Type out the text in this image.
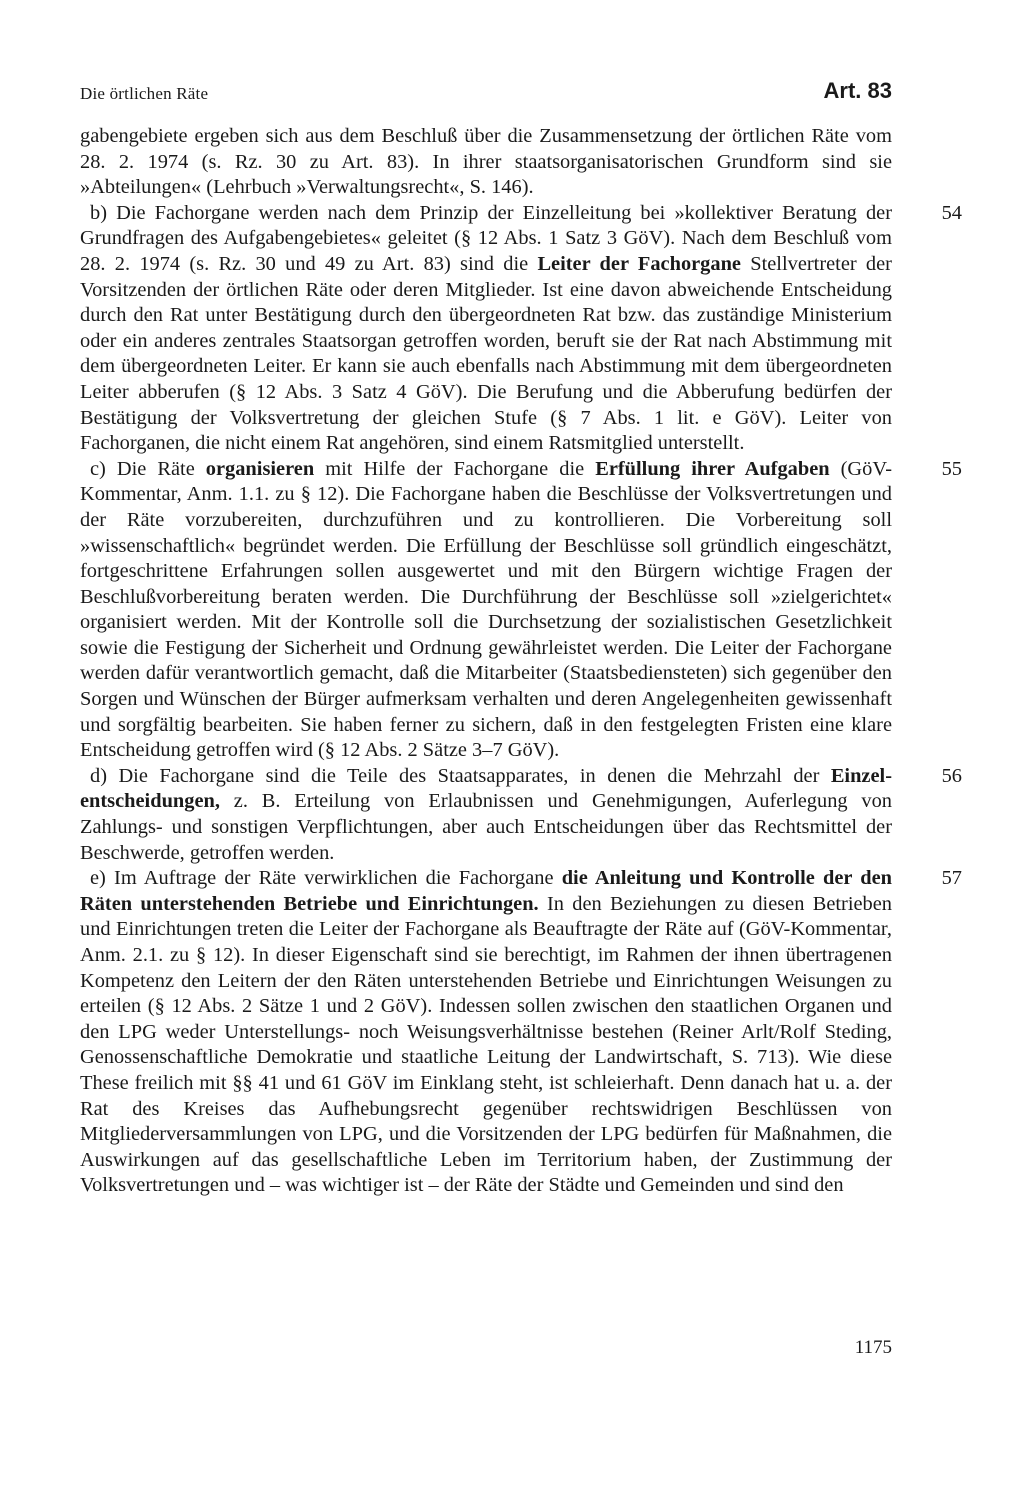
Die örtlichen Räte	Art. 83

gabengebiete ergeben sich aus dem Beschluß über die Zusammensetzung der örtlichen Räte vom 28. 2. 1974 (s. Rz. 30 zu Art. 83). In ihrer staatsorganisatorischen Grundform sind sie »Abteilungen« (Lehrbuch »Verwaltungsrecht«, S. 146).

b) Die Fachorgane werden nach dem Prinzip der Einzelleitung bei »kollektiver Beratung der Grundfragen des Aufgabengebietes« geleitet (§ 12 Abs. 1 Satz 3 GöV). Nach dem Beschluß vom 28. 2. 1974 (s. Rz. 30 und 49 zu Art. 83) sind die Leiter der Fachorgane Stellvertreter der Vorsitzenden der örtlichen Räte oder deren Mitglieder. Ist eine davon abweichende Entscheidung durch den Rat unter Bestätigung durch den übergeordneten Rat bzw. das zuständige Ministerium oder ein anderes zentrales Staatsorgan getroffen worden, beruft sie der Rat nach Abstimmung mit dem übergeordneten Leiter. Er kann sie auch ebenfalls nach Abstimmung mit dem übergeordneten Leiter abberufen (§ 12 Abs. 3 Satz 4 GöV). Die Berufung und die Abberufung bedürfen der Bestätigung der Volksvertretung der gleichen Stufe (§ 7 Abs. 1 lit. e GöV). Leiter von Fachorganen, die nicht einem Rat angehören, sind einem Ratsmitglied unterstellt.
54

c) Die Räte organisieren mit Hilfe der Fachorgane die Erfüllung ihrer Aufgaben (GöV-Kommentar, Anm. 1.1. zu § 12). Die Fachorgane haben die Beschlüsse der Volksvertretungen und der Räte vorzubereiten, durchzuführen und zu kontrollieren. Die Vorbereitung soll »wissenschaftlich« begründet werden. Die Erfüllung der Beschlüsse soll gründlich eingeschätzt, fortgeschrittene Erfahrungen sollen ausgewertet und mit den Bürgern wichtige Fragen der Beschlußvorbereitung beraten werden. Die Durchführung der Beschlüsse soll »zielgerichtet« organisiert werden. Mit der Kontrolle soll die Durchsetzung der sozialistischen Gesetzlichkeit sowie die Festigung der Sicherheit und Ordnung gewährleistet werden. Die Leiter der Fachorgane werden dafür verantwortlich gemacht, daß die Mitarbeiter (Staatsbediensteten) sich gegenüber den Sorgen und Wünschen der Bürger aufmerksam verhalten und deren Angelegenheiten gewissenhaft und sorgfältig bearbeiten. Sie haben ferner zu sichern, daß in den festgelegten Fristen eine klare Entscheidung getroffen wird (§ 12 Abs. 2 Sätze 3–7 GöV).
55

d) Die Fachorgane sind die Teile des Staatsapparates, in denen die Mehrzahl der Einzelentscheidungen, z. B. Erteilung von Erlaubnissen und Genehmigungen, Auferlegung von Zahlungs- und sonstigen Verpflichtungen, aber auch Entscheidungen über das Rechtsmittel der Beschwerde, getroffen werden.
56

e) Im Auftrage der Räte verwirklichen die Fachorgane die Anleitung und Kontrolle der den Räten unterstehenden Betriebe und Einrichtungen. In den Beziehungen zu diesen Betrieben und Einrichtungen treten die Leiter der Fachorgane als Beauftragte der Räte auf (GöV-Kommentar, Anm. 2.1. zu § 12). In dieser Eigenschaft sind sie berechtigt, im Rahmen der ihnen übertragenen Kompetenz den Leitern der den Räten unterstehenden Betriebe und Einrichtungen Weisungen zu erteilen (§ 12 Abs. 2 Sätze 1 und 2 GöV). Indessen sollen zwischen den staatlichen Organen und den LPG weder Unterstellungs- noch Weisungsverhältnisse bestehen (Reiner Arlt/Rolf Steding, Genossenschaftliche Demokratie und staatliche Leitung der Landwirtschaft, S. 713). Wie diese These freilich mit §§ 41 und 61 GöV im Einklang steht, ist schleierhaft. Denn danach hat u. a. der Rat des Kreises das Aufhebungsrecht gegenüber rechtswidrigen Beschlüssen von Mitgliederversammlungen von LPG, und die Vorsitzenden der LPG bedürfen für Maßnahmen, die Auswirkungen auf das gesellschaftliche Leben im Territorium haben, der Zustimmung der Volksvertretungen und – was wichtiger ist – der Räte der Städte und Gemeinden und sind den
57

1175
